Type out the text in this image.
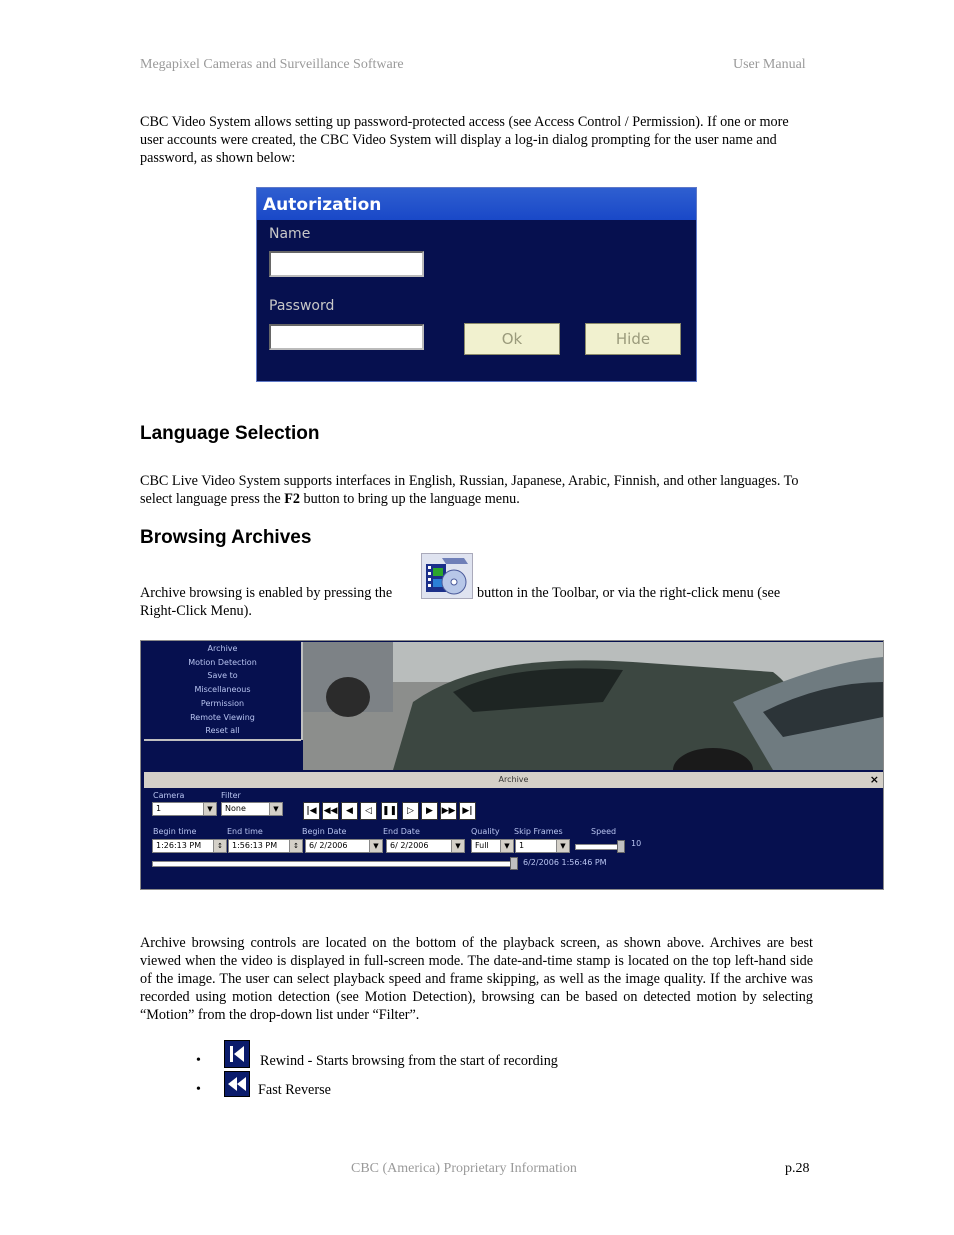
Megapixel Cameras and Surveillance Software	User Manual
CBC Video System allows setting up password-protected access (see Access Control / Permission). If one or more user accounts were created, the CBC Video System will display a log-in dialog prompting for the user name and password, as shown below:
Autorization
Name
Password
Ok	Hide
Language Selection
CBC Live Video System supports interfaces in English, Russian, Japanese, Arabic, Finnish, and other languages. To select language press the F2 button to bring up the language menu.
Browsing Archives
Archive browsing is enabled by pressing the	button in the Toolbar, or via the right-click menu (see
Right-Click Menu).
Archive
Motion Detection
Save to
Miscellaneous
Permission
Remote Viewing
Reset all
Archive	×
Camera
1	▼
Filter
None	▼	|◀ ◀◀ ◀	◁	❚❚	▷	▶ ▶▶ ▶|
Begin time
1:26:13 PM	↕
End time
1:56:13 PM	↕
Begin Date
6/ 2/2006	▼
End Date
6/ 2/2006	▼
Quality
Full	▼
Skip Frames
1	▼
Speed
10
6/2/2006 1:56:46 PM
Archive browsing controls are located on the bottom of the playback screen, as shown above. Archives are best viewed when the video is displayed in full-screen mode. The date-and-time stamp is located on the top left-hand side of the image. The user can select playback speed and frame skipping, as well as the image quality. If the archive was recorded using motion detection (see Motion Detection), browsing can be based on detected motion by selecting “Motion” from the drop-down list under “Filter”.
•	Rewind - Starts browsing from the start of recording
•	Fast Reverse
CBC (America) Proprietary Information	p.28
